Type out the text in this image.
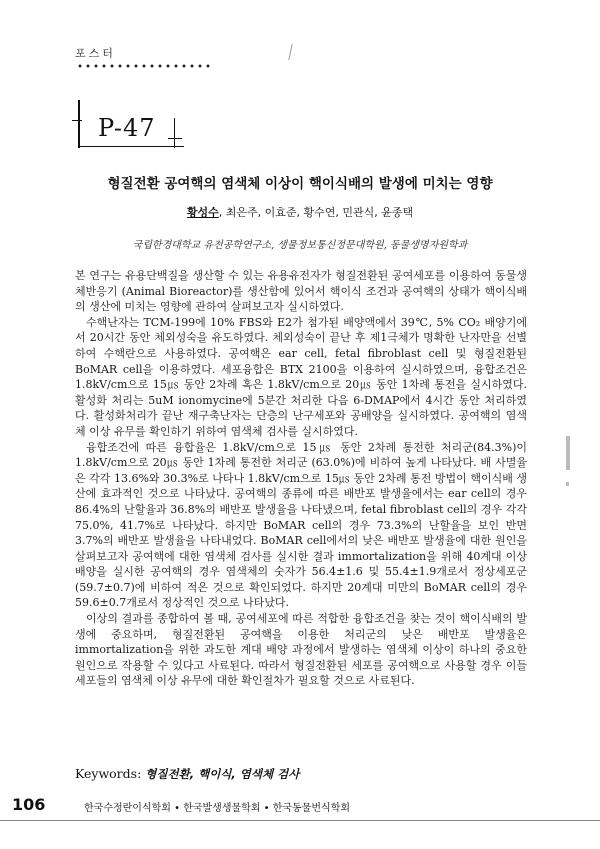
포스터
P-47
형질전환 공여핵의 염색체 이상이 핵이식배의 발생에 미치는 영향
황성수, 최은주, 이효준, 황수연, 민관식, 윤종택
국립한경대학교 유전공학연구소, 생물정보통신정문대학원, 동물생명자원학과

본 연구는 유용단백질을 생산할 수 있는 유용유전자가 형질전환된 공여세포를 이용하여 동물생체반응기 (Animal Bioreactor)를 생산함에 있어서 핵이식 조건과 공여핵의 상태가 핵이식배의 생산에 미치는 영향에 관하여 살펴보고자 실시하였다.

수핵난자는 TCM-199에 10% FBS와 E2가 첨가된 배양액에서 39℃, 5% CO₂ 배양기에서 20시간 동안 체외성숙을 유도하였다. 체외성숙이 끝난 후 제1극체가 명확한 난자만을 선별하여 수핵란으로 사용하였다. 공여핵은 ear cell, fetal fibroblast cell 및 형질전환된 BoMAR cell을 이용하였다. 세포융합은 BTX 2100을 이용하여 실시하였으며, 융합조건은 1.8kV/cm으로 15㎲ 동안 2차례 혹은 1.8kV/cm으로 20㎲ 동안 1차례 통전을 실시하였다. 활성화 처리는 5uM ionomycine에 5분간 처리한 다음 6-DMAP에서 4시간 동안 처리하였다. 활성화처리가 끝난 재구축난자는 단층의 난구세포와 공배양을 실시하였다. 공여핵의 염색체 이상 유무를 확인하기 위하여 염색체 검사를 실시하였다.

융합조건에 따른 융합율은 1.8kV/cm으로 15㎲ 동안 2차례 통전한 처리군(84.3%)이 1.8kV/cm으로 20㎲ 동안 1차례 통전한 처리군 (63.0%)에 비하여 높게 나타났다. 배 사멸율은 각각 13.6%와 30.3%로 나타나 1.8kV/cm으로 15㎲ 동안 2차례 통전 방법이 핵이식배 생산에 효과적인 것으로 나타났다. 공여핵의 종류에 따른 배반포 발생율에서는 ear cell의 경우 86.4%의 난할율과 36.8%의 배반포 발생율을 나타냈으며, fetal fibroblast cell의 경우 각각 75.0%, 41.7%로 나타났다. 하지만 BoMAR cell의 경우 73.3%의 난할율을 보인 반면 3.7%의 배반포 발생율을 나타내었다. BoMAR cell에서의 낮은 배반포 발생율에 대한 원인을 살펴보고자 공여핵에 대한 염색체 검사를 실시한 결과 immortalization을 위해 40계대 이상 배양을 실시한 공여핵의 경우 염색체의 숫자가 56.4±1.6 및 55.4±1.9개로서 정상세포군 (59.7±0.7)에 비하여 적은 것으로 확인되었다. 하지만 20계대 미만의 BoMAR cell의 경우 59.6±0.7개로서 정상적인 것으로 나타났다.

이상의 결과를 종합하여 볼 때, 공여세포에 따른 적합한 융합조건을 찾는 것이 핵이식배의 발생에 중요하며, 형질전환된 공여핵을 이용한 처리군의 낮은 배반포 발생율은 immortalization을 위한 과도한 계대 배양 과정에서 발생하는 염색체 이상이 하나의 중요한 원인으로 작용할 수 있다고 사료된다. 따라서 형질전환된 세포를 공여핵으로 사용할 경우 이들 세포들의 염색체 이상 유무에 대한 확인절차가 필요할 것으로 사료된다.

Keywords: 형질전환, 핵이식, 염색체 검사
106	한국수정란이식학회 • 한국발생생물학회 • 한국동물번식학회
